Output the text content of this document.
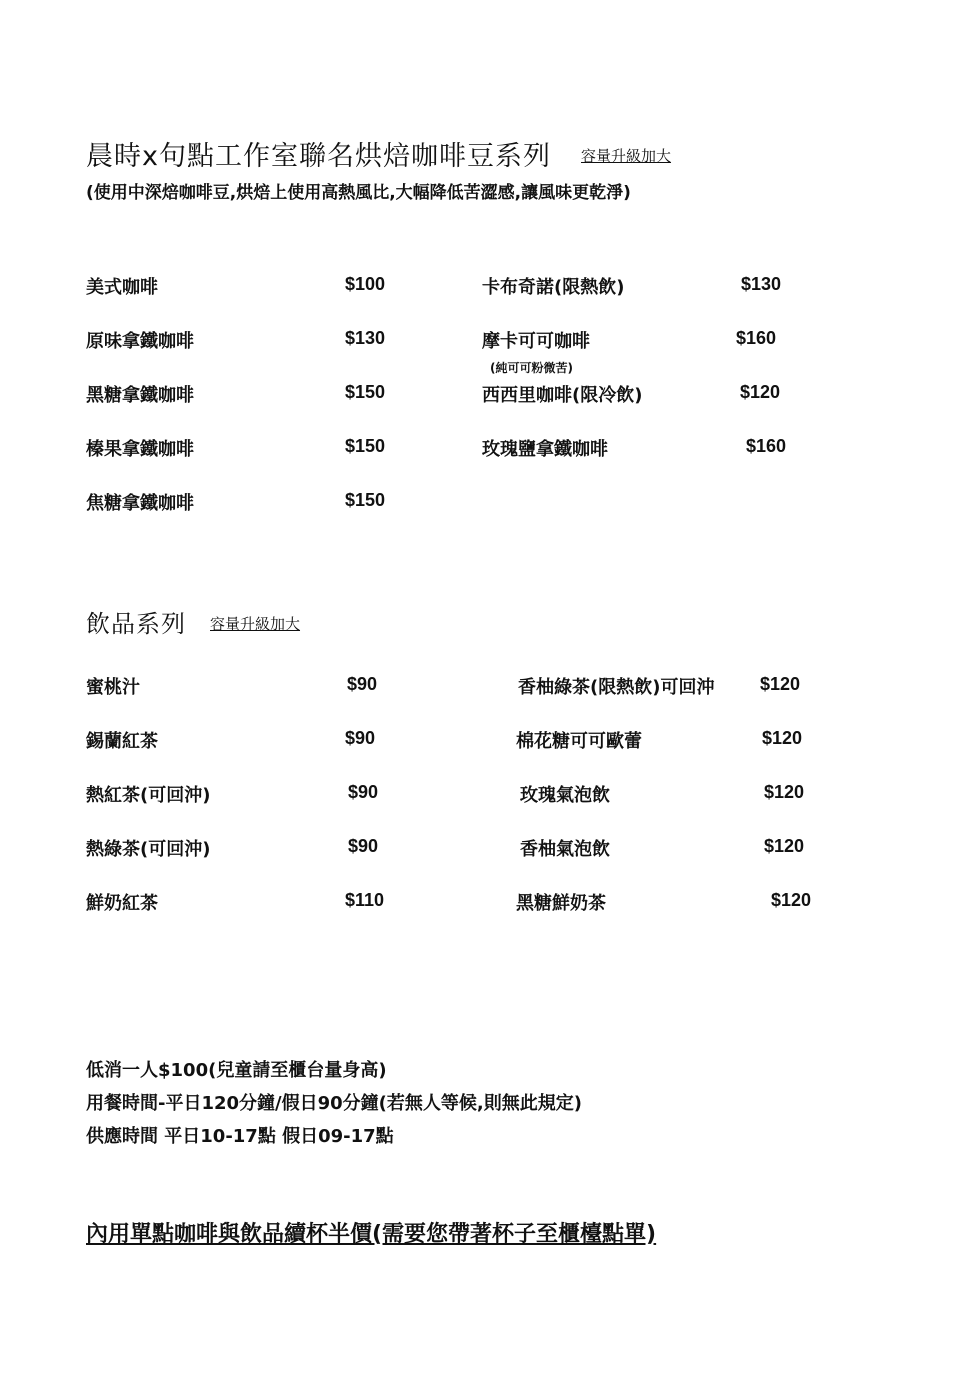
晨時x句點工作室聯名烘焙咖啡豆系列 容量升級加大
(使用中深焙咖啡豆,烘焙上使用高熱風比,大幅降低苦澀感,讓風味更乾淨)
美式咖啡	$100
原味拿鐵咖啡	$130
黑糖拿鐵咖啡	$150
榛果拿鐵咖啡	$150
焦糖拿鐵咖啡	$150
卡布奇諾(限熱飲)	$130
摩卡可可咖啡	$160
(純可可粉微苦)
西西里咖啡(限冷飲)	$120
玫瑰鹽拿鐵咖啡	$160
飲品系列 容量升級加大
蜜桃汁	$90
錫蘭紅茶	$90
熱紅茶(可回沖)	$90
熱綠茶(可回沖)	$90
鮮奶紅茶	$110
香柚綠茶(限熱飲)可回沖	$120
棉花糖可可歐蕾	$120
玫瑰氣泡飲	$120
香柚氣泡飲	$120
黑糖鮮奶茶	$120
低消一人$100(兒童請至櫃台量身高)
用餐時間-平日120分鐘/假日90分鐘(若無人等候,則無此規定)
供應時間 平日10-17點 假日09-17點
內用單點咖啡與飲品續杯半價(需要您帶著杯子至櫃檯點單)
